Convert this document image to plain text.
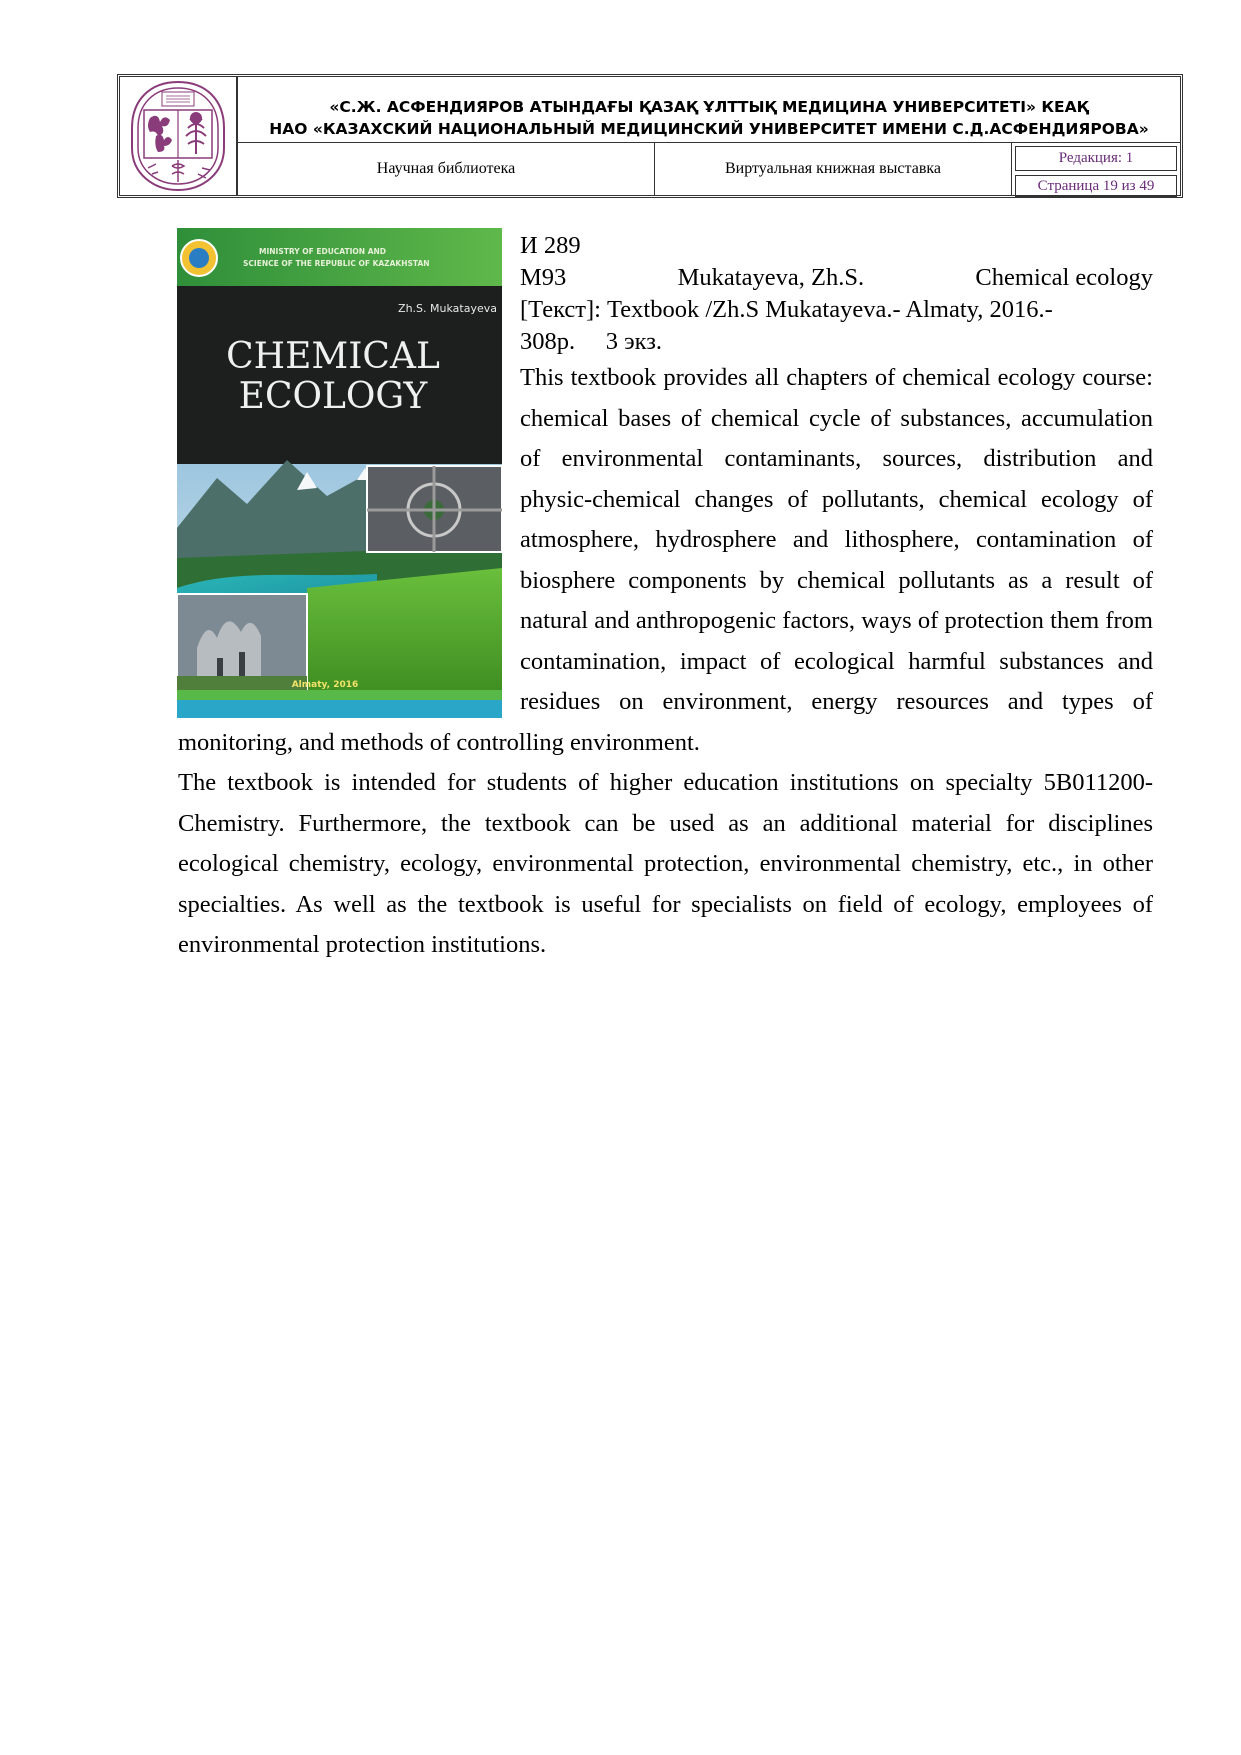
«С.Ж. АСФЕНДИЯРОВ АТЫНДАҒЫ ҚАЗАҚ ҰЛТТЫҚ МЕДИЦИНА УНИВЕРСИТЕТІ» КЕАҚ
НАО «КАЗАХСКИЙ НАЦИОНАЛЬНЫЙ МЕДИЦИНСКИЙ УНИВЕРСИТЕТ ИМЕНИ С.Д.АСФЕНДИЯРОВА»
Научная библиотека	Виртуальная книжная выставка
Редакция: 1
Страница 19 из 49
MINISTRY OF EDUCATION AND
SCIENCE OF THE REPUBLIC OF KAZAKHSTAN
Zh.S. Mukatayeva
CHEMICAL
ECOLOGY
Almaty, 2016

И 289

M93	Mukatayeva, Zh.S.	Chemical ecology

[Текст]: Textbook /Zh.S Mukatayeva.- Almaty, 2016.-

308p. 3 экз.

This textbook provides all chapters of chemical ecology course: chemical bases of chemical cycle of substances, accumulation of environmental contaminants, sources, distribution and physic-chemical changes of pollutants, chemical ecology of atmosphere, hydrosphere and lithosphere, contamination of biosphere components by chemical pollutants as a result of natural and anthropogenic factors, ways of protection them from contamination, impact of ecological harmful substances and residues on environment, energy resources and types of monitoring, and methods of controlling environment.

The textbook is intended for students of higher education institutions on specialty 5B011200-Chemistry. Furthermore, the textbook can be used as an additional material for disciplines ecological chemistry, ecology, environmental protection, environmental chemistry, etc., in other specialties. As well as the textbook is useful for specialists on field of ecology, employees of environmental protection institutions.
